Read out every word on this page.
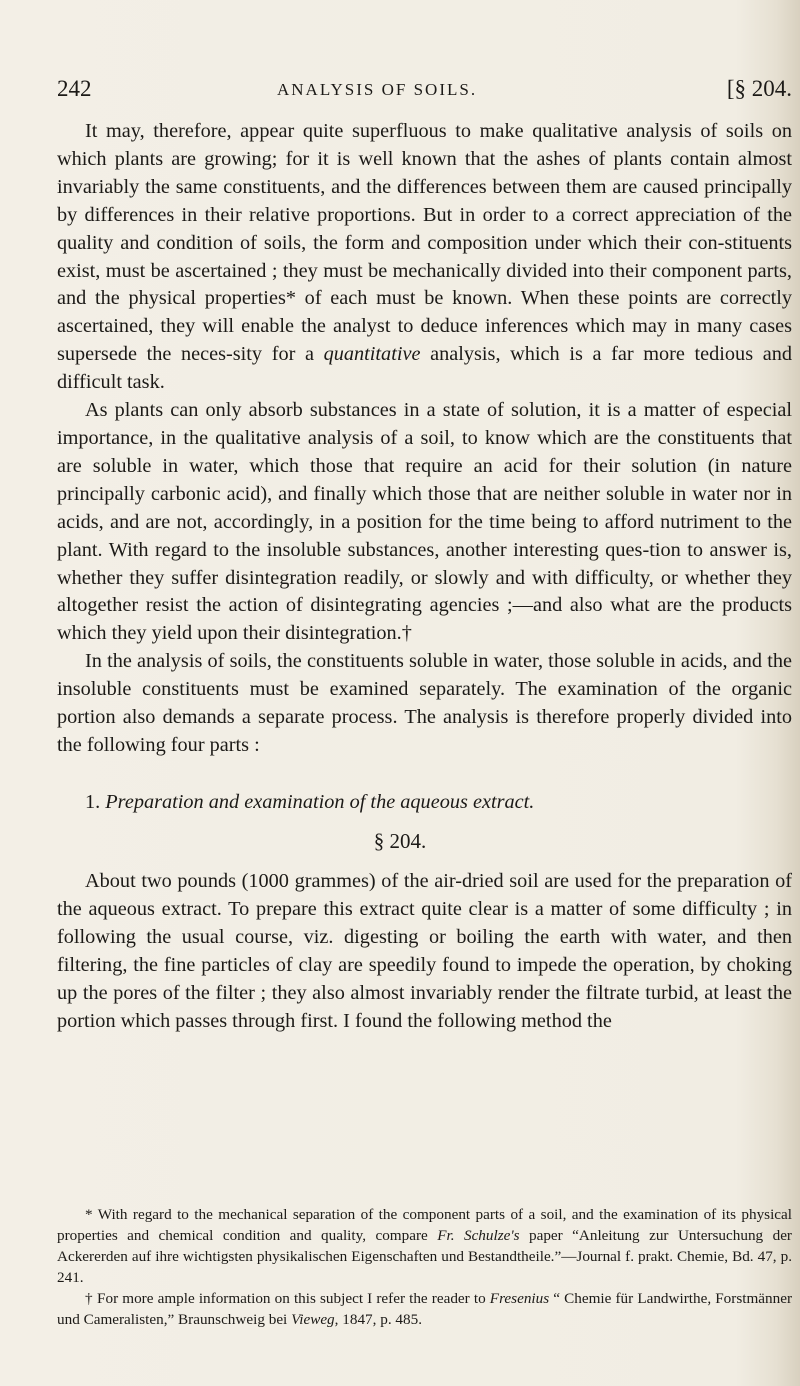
242	ANALYSIS OF SOILS.	[§ 204.

It may, therefore, appear quite superfluous to make qualitative analysis of soils on which plants are growing; for it is well known that the ashes of plants contain almost invariably the same constituents, and the differences between them are caused principally by differences in their relative proportions. But in order to a correct appreciation of the quality and condition of soils, the form and composition under which their con-stituents exist, must be ascertained ; they must be mechanically divided into their component parts, and the physical properties* of each must be known. When these points are correctly ascertained, they will enable the analyst to deduce inferences which may in many cases supersede the neces-sity for a quantitative analysis, which is a far more tedious and difficult task.

As plants can only absorb substances in a state of solution, it is a matter of especial importance, in the qualitative analysis of a soil, to know which are the constituents that are soluble in water, which those that require an acid for their solution (in nature principally carbonic acid), and finally which those that are neither soluble in water nor in acids, and are not, accordingly, in a position for the time being to afford nutriment to the plant. With regard to the insoluble substances, another interesting ques-tion to answer is, whether they suffer disintegration readily, or slowly and with difficulty, or whether they altogether resist the action of disintegrating agencies ;—and also what are the products which they yield upon their disintegration.†

In the analysis of soils, the constituents soluble in water, those soluble in acids, and the insoluble constituents must be examined separately. The examination of the organic portion also demands a separate process. The analysis is therefore properly divided into the following four parts :

1. Preparation and examination of the aqueous extract.
§ 204.

About two pounds (1000 grammes) of the air-dried soil are used for the preparation of the aqueous extract. To prepare this extract quite clear is a matter of some difficulty ; in following the usual course, viz. digesting or boiling the earth with water, and then filtering, the fine particles of clay are speedily found to impede the operation, by choking up the pores of the filter ; they also almost invariably render the filtrate turbid, at least the portion which passes through first. I found the following method the

* With regard to the mechanical separation of the component parts of a soil, and the examination of its physical properties and chemical condition and quality, compare Fr. Schulze's paper “Anleitung zur Untersuchung der Ackererden auf ihre wichtigsten physikalischen Eigenschaften und Bestandtheile.”—Journal f. prakt. Chemie, Bd. 47, p. 241.

† For more ample information on this subject I refer the reader to Fresenius “ Chemie für Landwirthe, Forstmänner und Cameralisten,” Braunschweig bei Vieweg, 1847, p. 485.
